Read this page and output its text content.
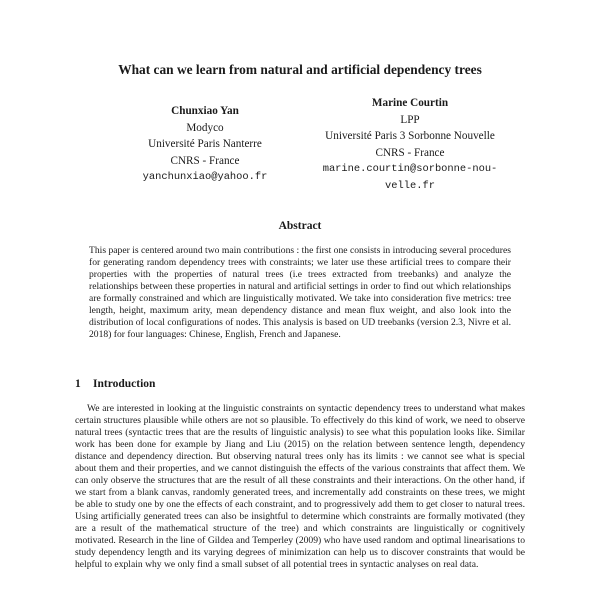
What can we learn from natural and artificial dependency trees
Chunxiao Yan
Modyco
Université Paris Nanterre
CNRS - France
yanchunxiao@yahoo.fr
Marine Courtin
LPP
Université Paris 3 Sorbonne Nouvelle
CNRS - France
marine.courtin@sorbonne-nou-
velle.fr
Abstract

This paper is centered around two main contributions : the first one consists in introducing several procedures for generating random dependency trees with constraints; we later use these artificial trees to compare their properties with the properties of natural trees (i.e trees extracted from treebanks) and analyze the relationships between these properties in natural and artificial settings in order to find out which relationships are formally constrained and which are linguistically motivated. We take into consideration five metrics: tree length, height, maximum arity, mean dependency distance and mean flux weight, and also look into the distribution of local configurations of nodes. This analysis is based on UD treebanks (version 2.3, Nivre et al. 2018) for four languages: Chinese, English, French and Japanese.

1 Introduction

We are interested in looking at the linguistic constraints on syntactic dependency trees to understand what makes certain structures plausible while others are not so plausible. To effectively do this kind of work, we need to observe natural trees (syntactic trees that are the results of linguistic analysis) to see what this population looks like. Similar work has been done for example by Jiang and Liu (2015) on the relation between sentence length, dependency distance and dependency direction. But observing natural trees only has its limits : we cannot see what is special about them and their properties, and we cannot distinguish the effects of the various constraints that affect them. We can only observe the structures that are the result of all these constraints and their interactions. On the other hand, if we start from a blank canvas, randomly generated trees, and incrementally add constraints on these trees, we might be able to study one by one the effects of each constraint, and to progressively add them to get closer to natural trees. Using artificially generated trees can also be insightful to determine which constraints are formally motivated (they are a result of the mathematical structure of the tree) and which constraints are linguistically or cognitively motivated. Research in the line of Gildea and Temperley (2009) who have used random and optimal linearisations to study dependency length and its varying degrees of minimization can help us to discover constraints that would be helpful to explain why we only find a small subset of all potential trees in syntactic analyses on real data.
